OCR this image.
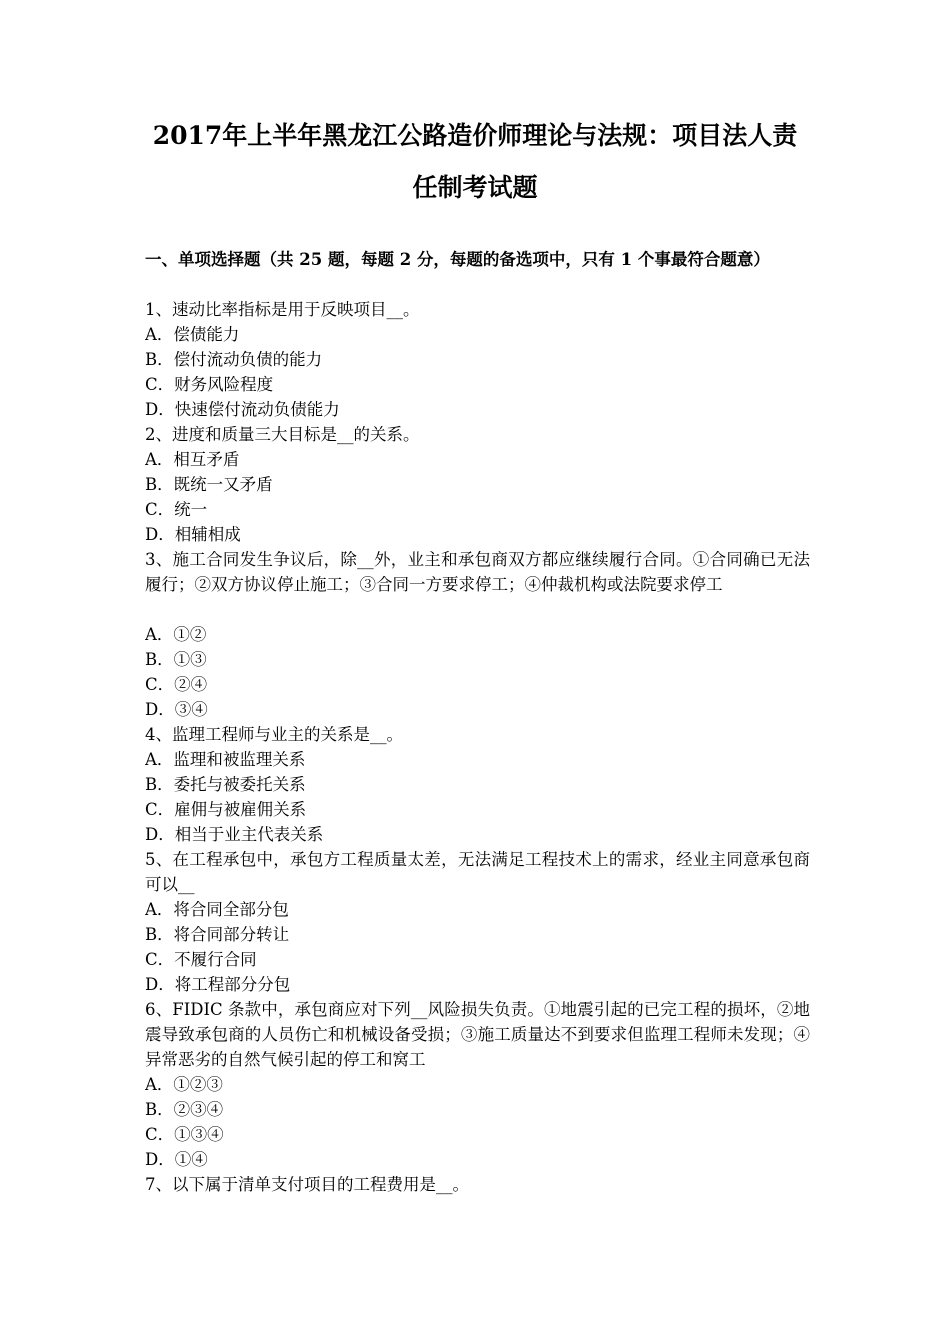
2017年上半年黑龙江公路造价师理论与法规：项目法人责
任制考试题
一、单项选择题（共 25 题，每题 2 分，每题的备选项中，只有 1 个事最符合题意）
1、速动比率指标是用于反映项目__。
A．偿债能力
B．偿付流动负债的能力
C．财务风险程度
D．快速偿付流动负债能力
2、进度和质量三大目标是__的关系。
A．相互矛盾
B．既统一又矛盾
C．统一
D．相辅相成
3、施工合同发生争议后，除__外，业主和承包商双方都应继续履行合同。①合同确已无法履行；②双方协议停止施工；③合同一方要求停工；④仲裁机构或法院要求停工
A．①②
B．①③
C．②④
D．③④
4、监理工程师与业主的关系是__。
A．监理和被监理关系
B．委托与被委托关系
C．雇佣与被雇佣关系
D．相当于业主代表关系
5、在工程承包中，承包方工程质量太差，无法满足工程技术上的需求，经业主同意承包商可以__
A．将合同全部分包
B．将合同部分转让
C．不履行合同
D．将工程部分分包
6、FIDIC 条款中，承包商应对下列__风险损失负责。①地震引起的已完工程的损坏，②地震导致承包商的人员伤亡和机械设备受损；③施工质量达不到要求但监理工程师未发现；④异常恶劣的自然气候引起的停工和窝工
A．①②③
B．②③④
C．①③④
D．①④
7、以下属于清单支付项目的工程费用是__。
